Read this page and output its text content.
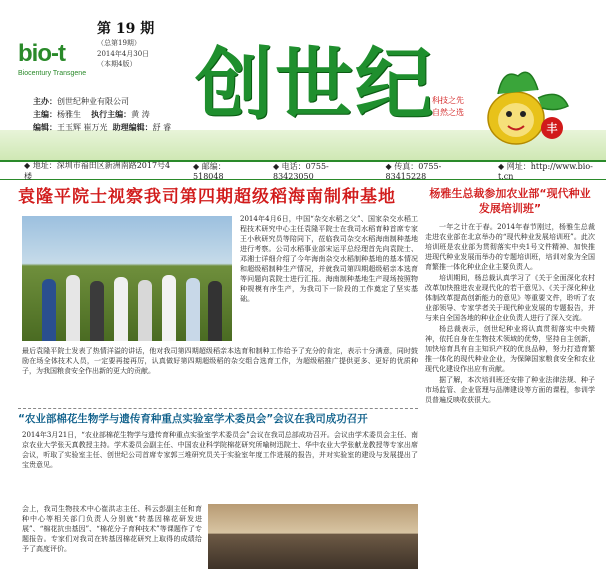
bio-t
Biocentury Transgene
第 19 期
（总第19期）
2014年4月30日
（本期4版）
主办：创世纪种业有限公司
主编：杨雅生 执行主编：黄 涛
编辑：王玉辉 崔万光 助理编辑：舒 睿 创世纪
科技之先 自然之选
丰
◆ 地址：深圳市福田区新洲南路2017号4楼
◆ 邮编：518048
◆ 电话：0755-83423050
◆ 传真：0755-83415228
◆ 网址：http://www.bio-t.cn
袁隆平院士视察我司第四期超级稻海南制种基地
2014年4月6日，中国“杂交水稻之父”、国家杂交水稻工程技术研究中心主任袁隆平院士在我司水稻育种首席专家王小秋研究员等陪同下，莅临我司杂交水稻海南制种基地进行考察。公司水稻事业部宋运平总经理首先向袁院士、邓湘士详细介绍了今年海南杂交水稻制种基地的基本情况和超级稻制种生产情况，并就我司第四期超级稻亲本选育等问题向袁院士进行汇报。海南制种基地生产现场按照物种规模有序生产，为我司下一阶段的工作奠定了坚实基础。
最后袁隆平院士发表了热情洋溢的讲话，他对我司第四期超级稻亲本选育和制种工作给予了充分的肯定，表示十分满意，同时鼓励在场全体技术人员，一定要再接再厉，认真做好第四期超级稻的杂交组合选育工作，为超级稻推广提供更多、更好的优质种子，为我国粮食安全作出新的更大的贡献。
“农业部棉花生物学与遗传育种重点实验室学术委员会”会议在我司成功召开
2014年3月21日，“农业部棉花生物学与遗传育种重点实验室学术委员会”会议在我司总部成功召开。会议由学术委员会主任、南京农业大学张天真教授主持。学术委员会副主任、中国农业科学院棉花研究所喻树迅院士、华中农业大学张献龙教授等专家出席会议，听取了实验室主任、创世纪公司首席专家郭三堆研究员关于实验室年度工作进展的报告，并对实验室的建设与发展提出了宝贵意见。
会上，我司生物技术中心崔洪志主任、科云彭副主任和育种中心等相关部门负责人分别就“转基因棉花研发进展”、“棉花抗虫基因”、“棉花分子育种技术”等课题作了专题报告。专家们对我司在转基因棉花研究上取得的成绩给予了高度评价。
杨雅生总裁参加农业部“现代种业发展培训班”

一年之计在于春。2014年春节刚过，杨雅生总裁走进农业部在北京举办的“现代种业发展培训班”。此次培训班是农业部为贯彻落实中央1号文件精神、加快推进现代种业发展而举办的专题培训班，培训对象为全国育繁推一体化种业企业主要负责人。

培训期间，杨总裁认真学习了《关于全面深化农村改革加快推进农业现代化的若干意见》、《关于深化种业体制改革提高创新能力的意见》等重要文件，聆听了农业部领导、专家学者关于现代种业发展的专题报告，并与来自全国各地的种业企业负责人进行了深入交流。

杨总裁表示，创世纪种业将认真贯彻落实中央精神，依托自身在生物技术领域的优势，坚持自主创新，加快培育具有自主知识产权的优良品种，努力打造育繁推一体化的现代种业企业，为保障国家粮食安全和农业现代化建设作出应有贡献。

据了解，本次培训班还安排了种业法律法规、种子市场监管、企业管理与品牌建设等方面的课程，参训学员普遍反映收获很大。
